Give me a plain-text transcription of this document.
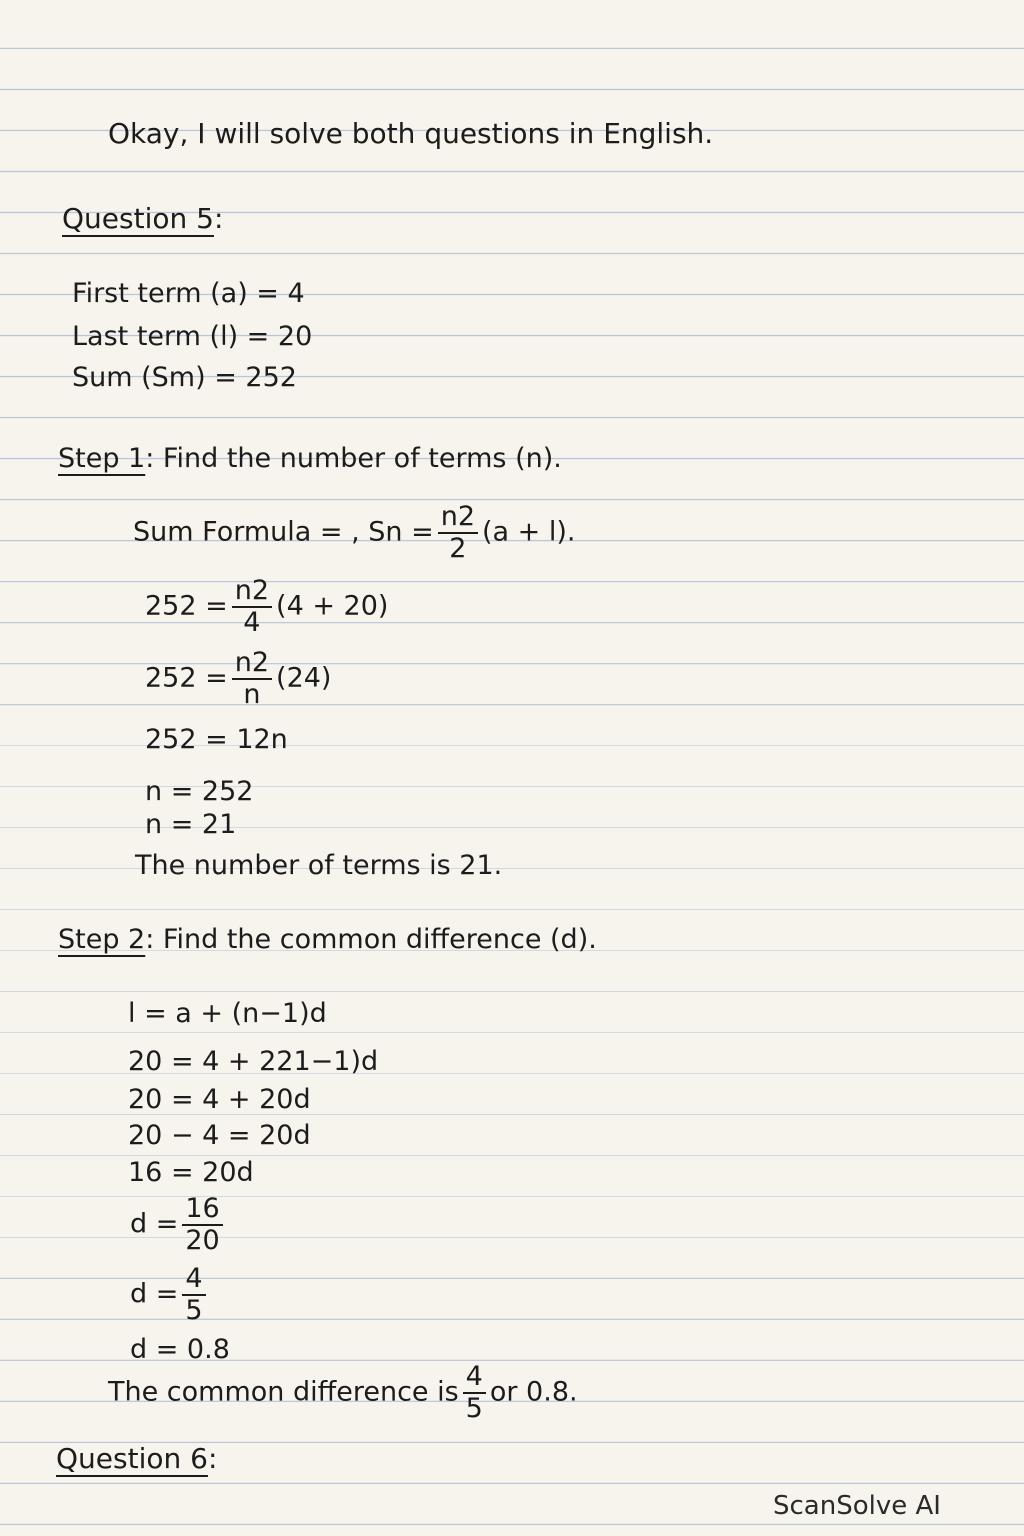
Okay, I will solve both questions in English.
Question 5:
First term (a) = 4
Last term (l) = 20
Sum (Sm) = 252
Step 1: Find the number of terms (n).
Sum Formula = , $Sn = \frac{n2}{2} (a + l)$.
$252 = \frac{n2}{4} (4 + 20)$
$252 = \frac{n2}{n} (24)$
252 = 12n
n = 252
n = 21
The number of terms is 21.
Step 2: Find the common difference (d).
l = a + (n−1)d
20 = 4 + 221−1)d
20 = 4 + 20d
20 − 4 = 20d
16 = 20d
$d = \frac{16}{20}$
$d = \frac{4}{5}$
d = 0.8
The common difference is $\frac{4}{5}$ or 0.8.
Question 6:
ScanSolve AI
